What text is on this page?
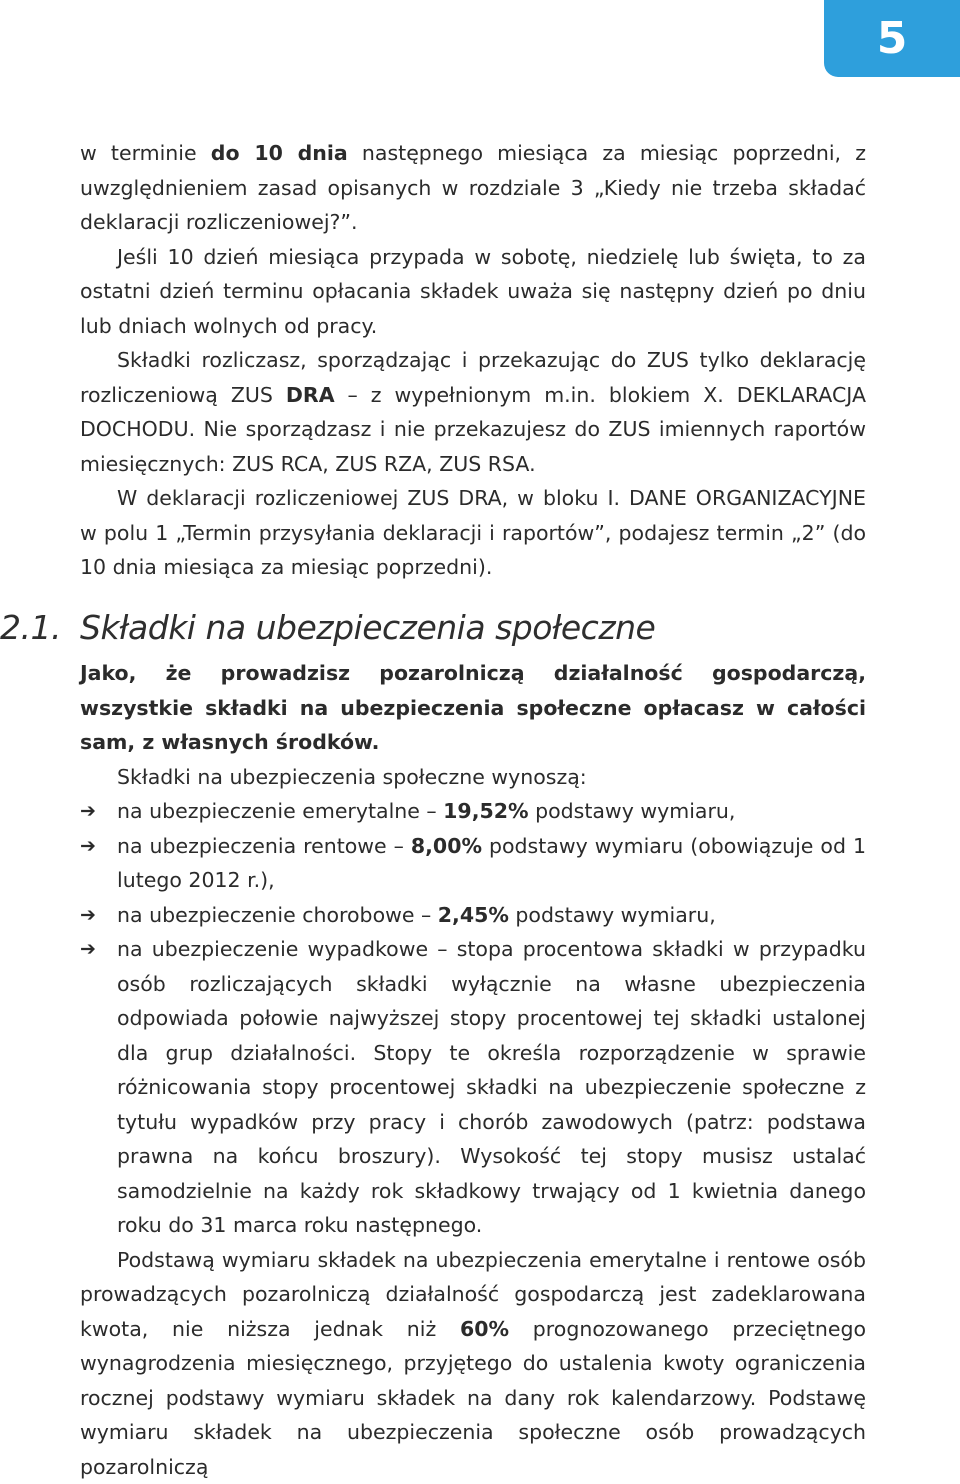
5

w terminie do 10 dnia następnego miesiąca za miesiąc poprzedni, z uwzględnieniem zasad opisanych w rozdziale 3 „Kiedy nie trzeba składać deklaracji rozliczeniowej?”.

Jeśli 10 dzień miesiąca przypada w sobotę, niedzielę lub święta, to za ostatni dzień terminu opłacania składek uważa się następny dzień po dniu lub dniach wolnych od pracy.

Składki rozliczasz, sporządzając i przekazując do ZUS tylko deklarację rozliczeniową ZUS DRA – z wypełnionym m.in. blokiem X. DEKLARACJA DOCHODU. Nie sporządzasz i nie przekazujesz do ZUS imiennych raportów miesięcznych: ZUS RCA, ZUS RZA, ZUS RSA.

W deklaracji rozliczeniowej ZUS DRA, w bloku I. DANE ORGANIZACYJNE w polu 1 „Termin przysyłania deklaracji i raportów”, podajesz termin „2” (do 10 dnia miesiąca za miesiąc poprzedni).

2.1. Składki na ubezpieczenia społeczne

Jako, że prowadzisz pozarolniczą działalność gospodarczą, wszystkie składki na ubezpieczenia społeczne opłacasz w całości sam, z własnych środków.

Składki na ubezpieczenia społeczne wynoszą:

➔	na ubezpieczenie emerytalne – 19,52% podstawy wymiaru,

➔	na ubezpieczenia rentowe – 8,00% podstawy wymiaru (obowiązuje od 1 lutego 2012 r.),

➔	na ubezpieczenie chorobowe – 2,45% podstawy wymiaru,

➔	na ubezpieczenie wypadkowe – stopa procentowa składki w przypadku osób rozliczających składki wyłącznie na własne ubezpieczenia odpowiada połowie najwyższej stopy procentowej tej składki ustalonej dla grup działalności. Stopy te określa rozporządzenie w sprawie różnicowania stopy procentowej składki na ubezpieczenie społeczne z tytułu wypadków przy pracy i chorób zawodowych (patrz: podstawa prawna na końcu broszury). Wysokość tej stopy musisz ustalać samodzielnie na każdy rok składkowy trwający od 1 kwietnia danego roku do 31 marca roku następnego.

Podstawą wymiaru składek na ubezpieczenia emerytalne i rentowe osób prowadzących pozarolniczą działalność gospodarczą jest zadeklarowana kwota, nie niższa jednak niż 60% prognozowanego przeciętnego wynagrodzenia miesięcznego, przyjętego do ustalenia kwoty ograniczenia rocznej podstawy wymiaru składek na dany rok kalendarzowy. Podstawę wymiaru składek na ubezpieczenia społeczne osób prowadzących pozarolniczą
